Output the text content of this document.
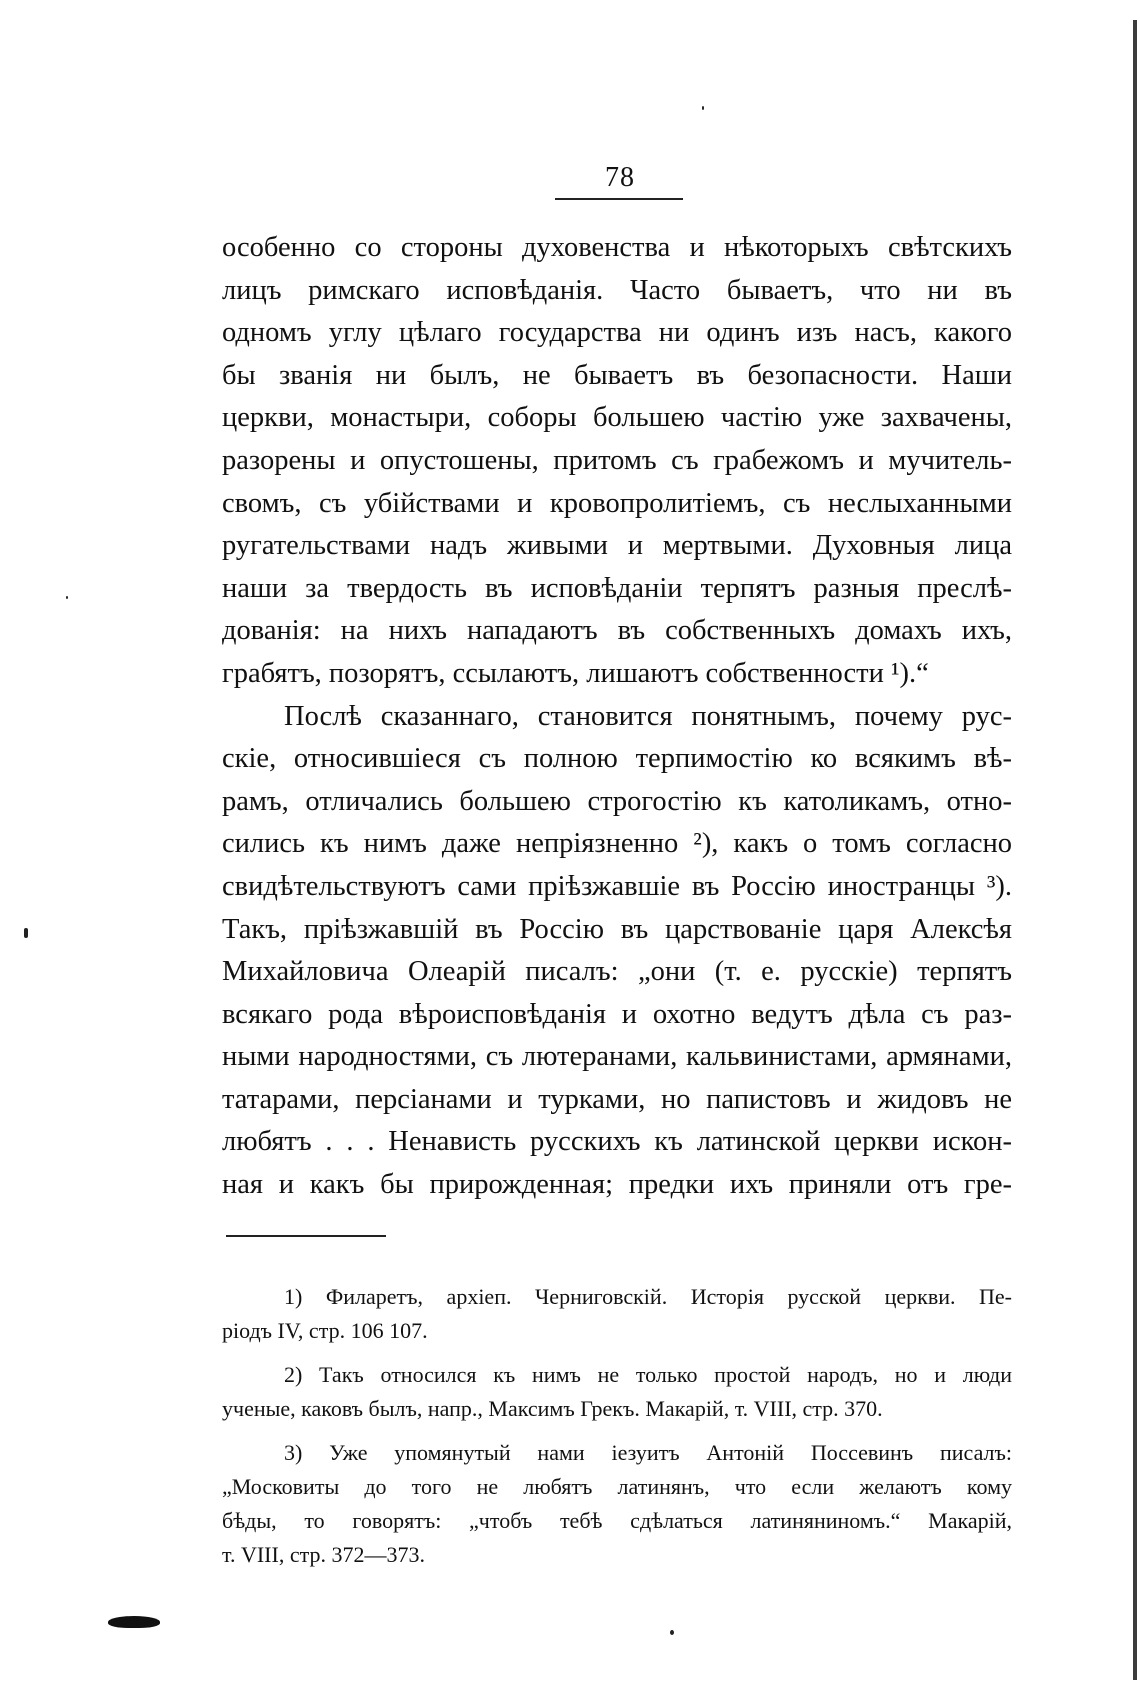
78
особенно со стороны духовенства и нѣкоторыхъ свѣтскихъ
лицъ римскаго исповѣданія. Часто бываетъ, что ни въ
одномъ углу цѣлаго государства ни одинъ изъ насъ, какого
бы званія ни былъ, не бываетъ въ безопасности. Наши
церкви, монастыри, соборы большею частію уже захвачены,
разорены и опустошены, притомъ съ грабежомъ и мучитель-
свомъ, съ убійствами и кровопролитіемъ, съ неслыханными
ругательствами надъ живыми и мертвыми. Духовныя лица
наши за твердость въ исповѣданіи терпятъ разныя преслѣ-
дованія: на нихъ нападаютъ въ собственныхъ домахъ ихъ,
грабятъ, позорятъ, ссылаютъ, лишаютъ собственности ¹).“
Послѣ сказаннаго, становится понятнымъ, почему рус-
скіе, относившіеся съ полною терпимостію ко всякимъ вѣ-
рамъ, отличались большею строгостію къ католикамъ, отно-
сились къ нимъ даже непріязненно ²), какъ о томъ согласно
свидѣтельствуютъ сами пріѣзжавшіе въ Россію иностранцы ³).
Такъ, пріѣзжавшій въ Россію въ царствованіе царя Алексѣя
Михайловича Олеарій писалъ: „они (т. е. русскіе) терпятъ
всякаго рода вѣроисповѣданія и охотно ведутъ дѣла съ раз-
ными народностями, съ лютеранами, кальвинистами, армянами,
татарами, персіанами и турками, но папистовъ и жидовъ не
любятъ . . . Ненависть русскихъ къ латинской церкви искон-
ная и какъ бы прирожденная; предки ихъ приняли отъ гре-
1) Филаретъ, архіеп. Черниговскій. Исторія русской церкви. Пе-
ріодъ IV, стр. 106 107.
2) Такъ относился къ нимъ не только простой народъ, но и люди
ученые, каковъ былъ, напр., Максимъ Грекъ. Макарій, т. VIII, стр. 370.
3) Уже упомянутый нами іезуитъ Антоній Поссевинъ писалъ:
„Московиты до того не любятъ латинянъ, что если желаютъ кому
бѣды, то говорятъ: „чтобъ тебѣ сдѣлаться латиняниномъ.“ Макарій,
т. VIII, стр. 372—373.
